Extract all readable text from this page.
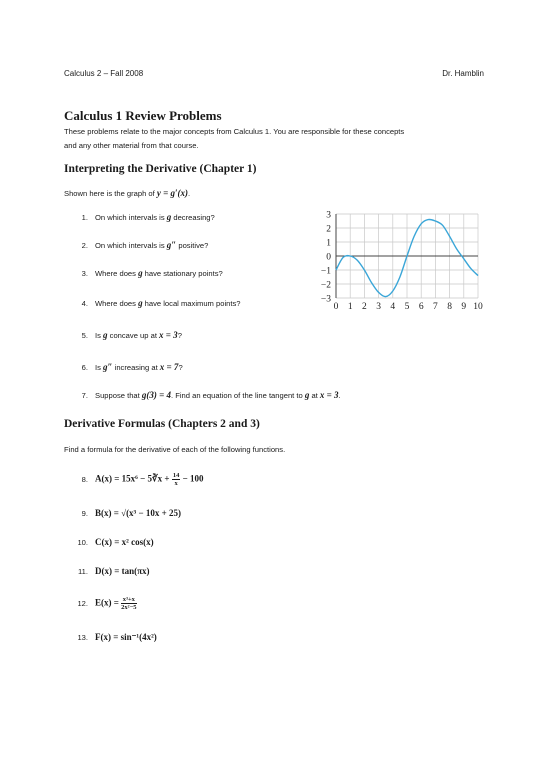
Calculus 2 – Fall 2008	Dr. Hamblin
Calculus 1 Review Problems
These problems relate to the major concepts from Calculus 1. You are responsible for these concepts
and any other material from that course.
Interpreting the Derivative (Chapter 1)
Shown here is the graph of y = g′(x).
1. On which intervals is g decreasing?
2. On which intervals is g″ positive?
3. Where does g have stationary points?
4. Where does g have local maximum points?
5. Is g concave up at x = 3?
6. Is g″ increasing at x = 7?
7. Suppose that g(3) = 4. Find an equation of the line tangent to g at x = 3.
0 1 2 3 4 5 6 7 8 9 10
3
2
1
0
−1
−2
−3
Derivative Formulas (Chapters 2 and 3)
Find a formula for the derivative of each of the following functions.
8. A(x) = 15x⁶ − 5∛x + $\frac{14}{x} - 100$
9. B(x) = √(x³ − 10x + 25)
10. C(x) = x² cos(x)
11. D(x) = tan(πx)
12. $E(x) = \frac{\text{x³+x}}{\text{2x²−5}}$
13. F(x) = sin⁻¹(4x²)
